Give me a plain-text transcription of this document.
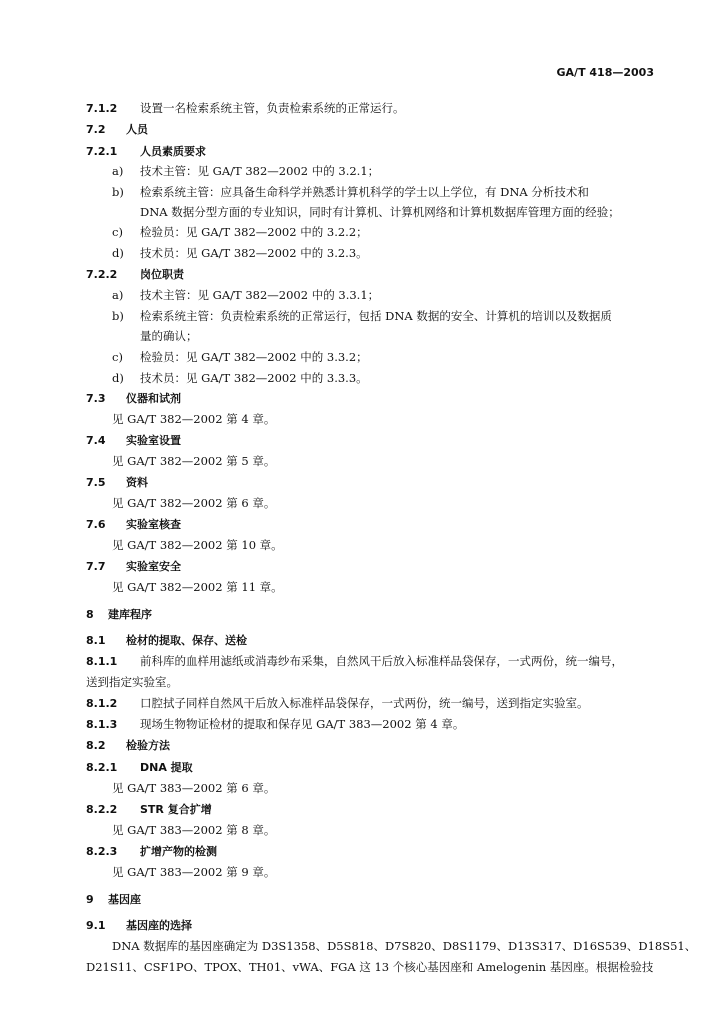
GA/T 418—2003
7.1.2 设置一名检索系统主管，负责检索系统的正常运行。
7.2 人员
7.2.1 人员素质要求
a) 技术主管：见 GA/T 382—2002 中的 3.2.1；
b) 检索系统主管：应具备生命科学并熟悉计算机科学的学士以上学位，有 DNA 分析技术和
DNA 数据分型方面的专业知识，同时有计算机、计算机网络和计算机数据库管理方面的经验；
c) 检验员：见 GA/T 382—2002 中的 3.2.2；
d) 技术员：见 GA/T 382—2002 中的 3.2.3。
7.2.2 岗位职责
a) 技术主管：见 GA/T 382—2002 中的 3.3.1；
b) 检索系统主管：负责检索系统的正常运行，包括 DNA 数据的安全、计算机的培训以及数据质
量的确认；
c) 检验员：见 GA/T 382—2002 中的 3.3.2；
d) 技术员：见 GA/T 382—2002 中的 3.3.3。
7.3 仪器和试剂
见 GA/T 382—2002 第 4 章。
7.4 实验室设置
见 GA/T 382—2002 第 5 章。
7.5 资料
见 GA/T 382—2002 第 6 章。
7.6 实验室核查
见 GA/T 382—2002 第 10 章。
7.7 实验室安全
见 GA/T 382—2002 第 11 章。
8 建库程序
8.1 检材的提取、保存、送检
8.1.1 前科库的血样用滤纸或消毒纱布采集，自然风干后放入标准样品袋保存，一式两份，统一编号，
送到指定实验室。
8.1.2 口腔拭子同样自然风干后放入标准样品袋保存，一式两份，统一编号，送到指定实验室。
8.1.3 现场生物物证检材的提取和保存见 GA/T 383—2002 第 4 章。
8.2 检验方法
8.2.1 DNA 提取
见 GA/T 383—2002 第 6 章。
8.2.2 STR 复合扩增
见 GA/T 383—2002 第 8 章。
8.2.3 扩增产物的检测
见 GA/T 383—2002 第 9 章。
9 基因座
9.1 基因座的选择
DNA 数据库的基因座确定为 D3S1358、D5S818、D7S820、D8S1179、D13S317、D16S539、D18S51、
D21S11、CSF1PO、TPOX、TH01、vWA、FGA 这 13 个核心基因座和 Amelogenin 基因座。根据检验技
